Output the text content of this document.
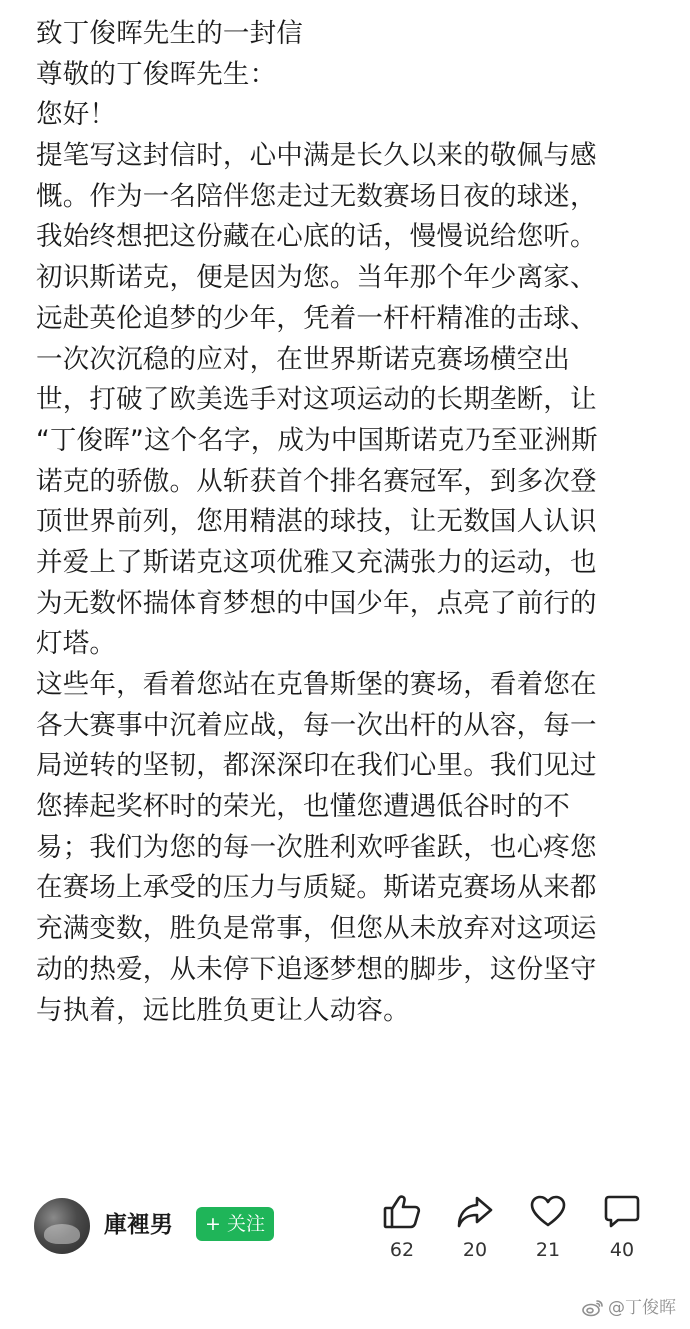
致丁俊晖先生的一封信
尊敬的丁俊晖先生：
您好！
提笔写这封信时，心中满是长久以来的敬佩与感
慨。作为一名陪伴您走过无数赛场日夜的球迷，
我始终想把这份藏在心底的话，慢慢说给您听。
初识斯诺克，便是因为您。当年那个年少离家、
远赴英伦追梦的少年，凭着一杆杆精准的击球、
一次次沉稳的应对，在世界斯诺克赛场横空出
世，打破了欧美选手对这项运动的长期垄断，让
“丁俊晖”这个名字，成为中国斯诺克乃至亚洲斯
诺克的骄傲。从斩获首个排名赛冠军，到多次登
顶世界前列，您用精湛的球技，让无数国人认识
并爱上了斯诺克这项优雅又充满张力的运动，也
为无数怀揣体育梦想的中国少年，点亮了前行的
灯塔。
这些年，看着您站在克鲁斯堡的赛场，看着您在
各大赛事中沉着应战，每一次出杆的从容，每一
局逆转的坚韧，都深深印在我们心里。我们见过
您捧起奖杯时的荣光，也懂您遭遇低谷时的不
易；我们为您的每一次胜利欢呼雀跃，也心疼您
在赛场上承受的压力与质疑。斯诺克赛场从来都
充满变数，胜负是常事，但您从未放弃对这项运
动的热爱，从未停下追逐梦想的脚步，这份坚守
与执着，远比胜负更让人动容。
庫裡男	+ 关注
62	20	21	40
@丁俊晖
